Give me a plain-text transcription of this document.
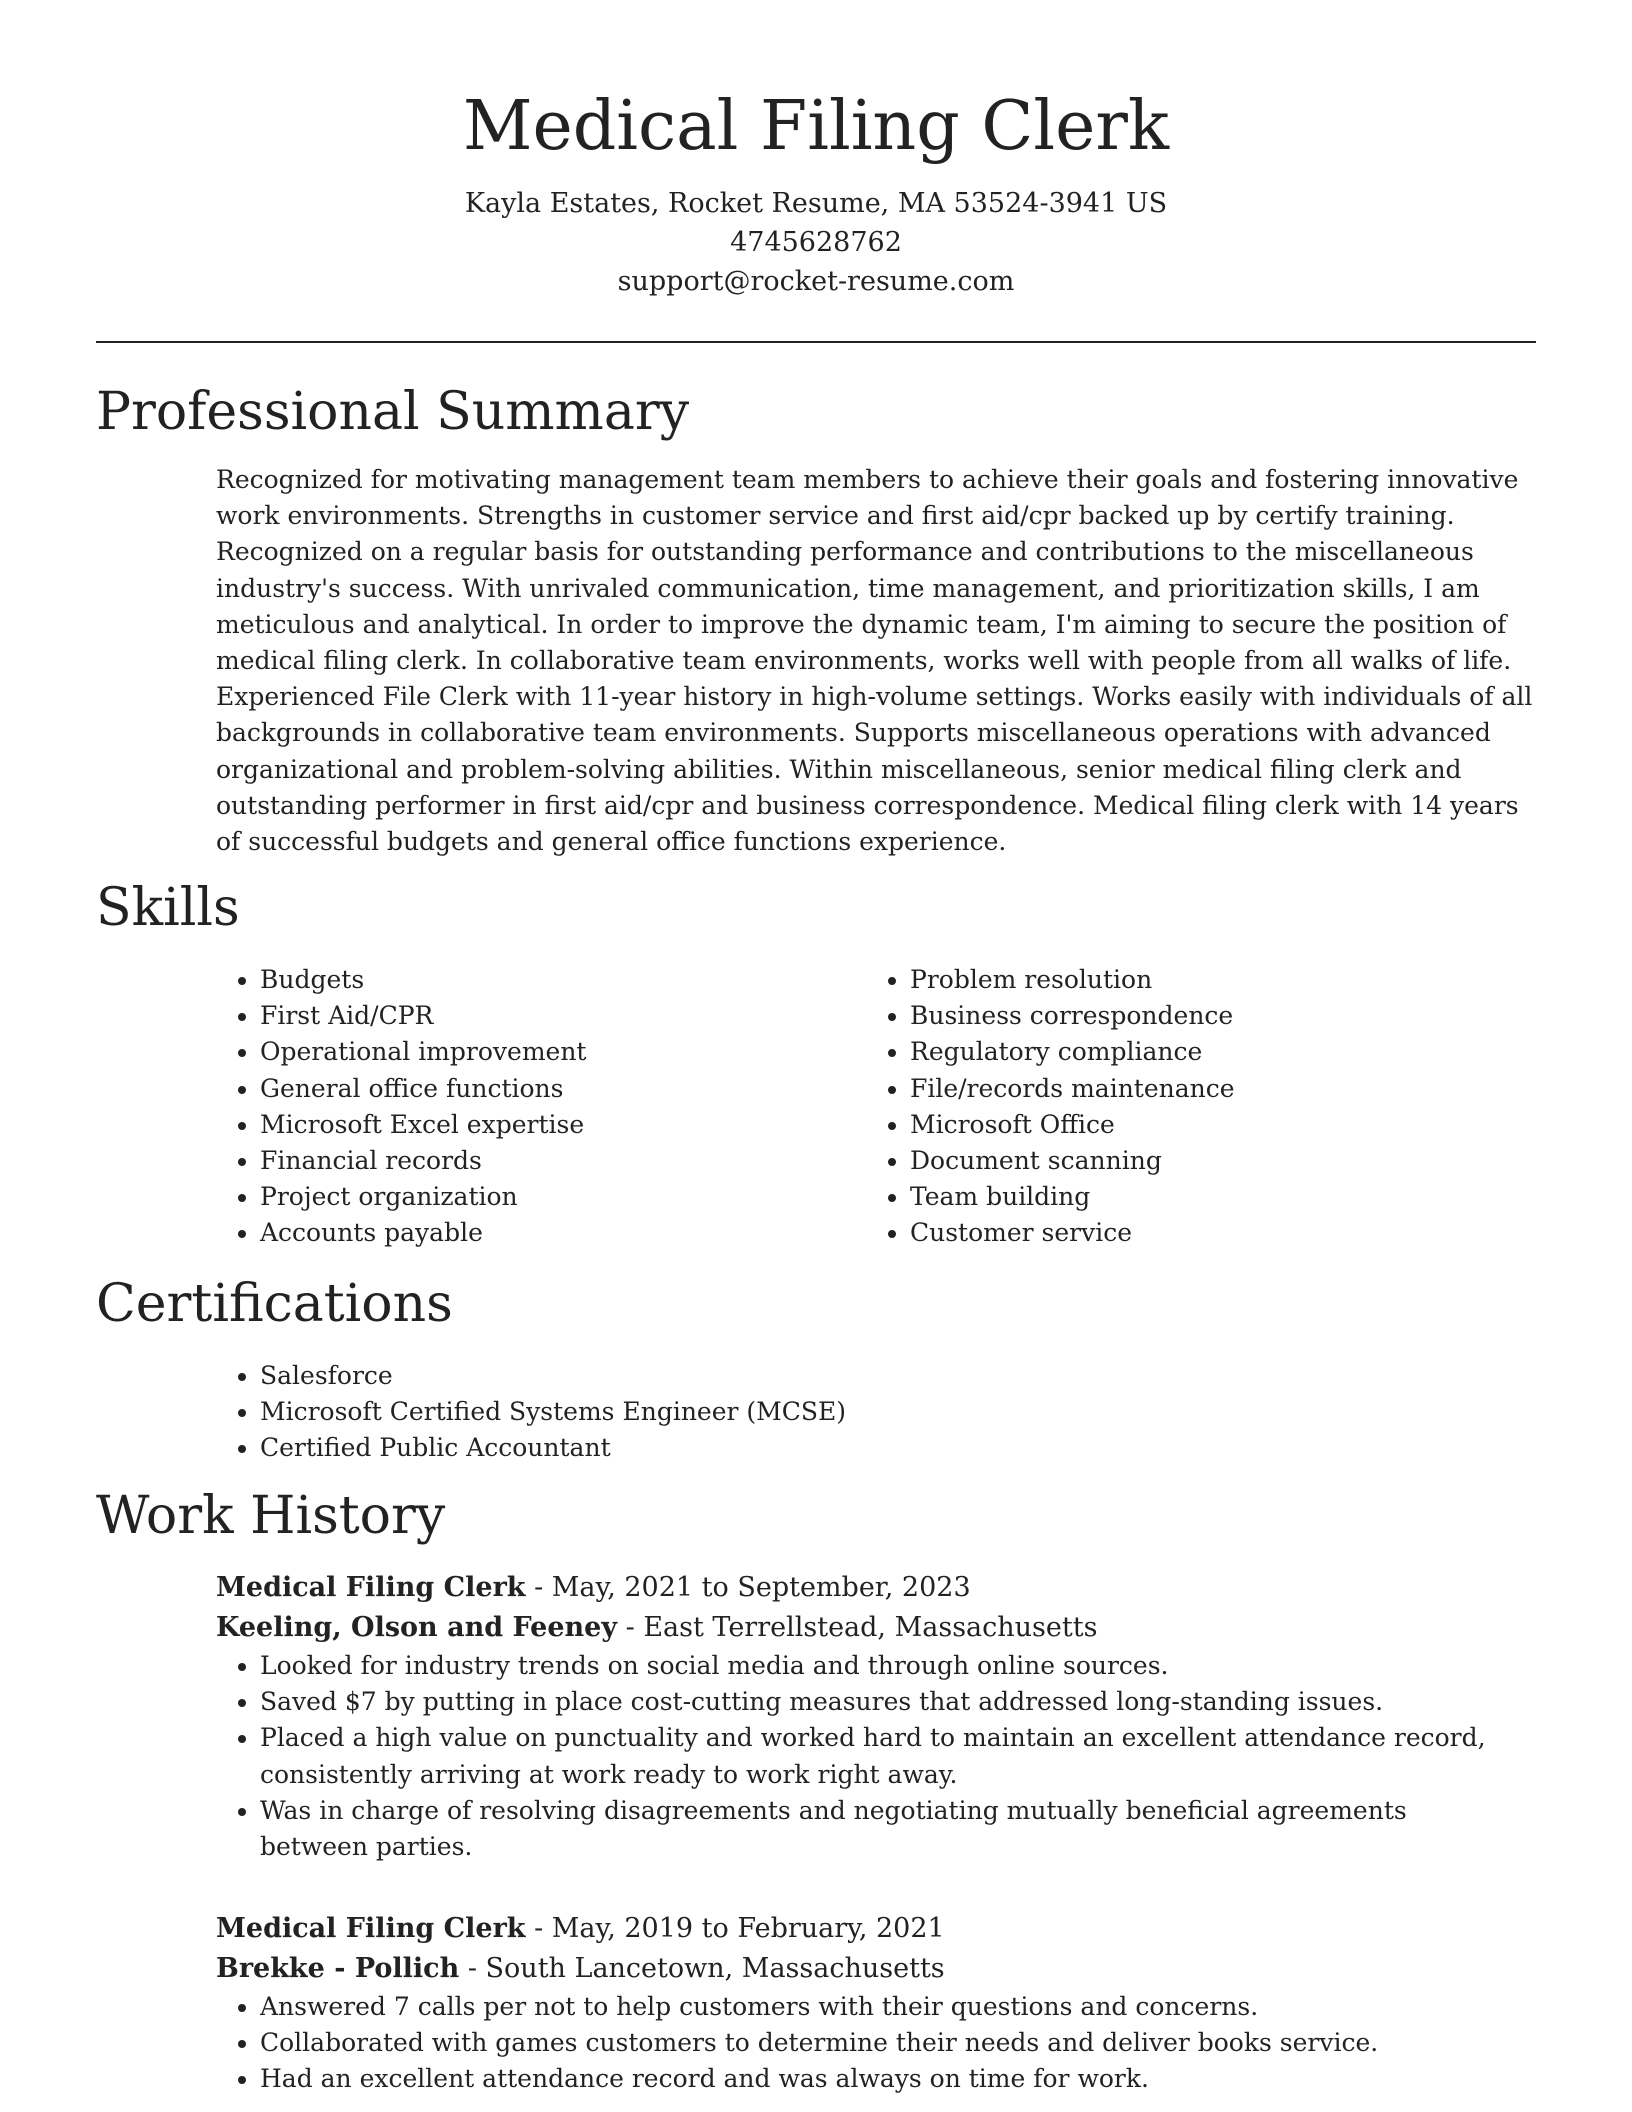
Medical Filing Clerk
Kayla Estates, Rocket Resume, MA 53524-3941 US
4745628762
support@rocket-resume.com
Professional Summary

Recognized for motivating management team members to achieve their goals and fostering innovative work environments. Strengths in customer service and first aid/cpr backed up by certify training. Recognized on a regular basis for outstanding performance and contributions to the miscellaneous industry's success. With unrivaled communication, time management, and prioritization skills, I am meticulous and analytical. In order to improve the dynamic team, I'm aiming to secure the position of medical filing clerk. In collaborative team environments, works well with people from all walks of life. Experienced File Clerk with 11-year history in high-volume settings. Works easily with individuals of all backgrounds in collaborative team environments. Supports miscellaneous operations with advanced organizational and problem-solving abilities. Within miscellaneous, senior medical filing clerk and outstanding performer in first aid/cpr and business correspondence. Medical filing clerk with 14 years of successful budgets and general office functions experience.

Skills
• Budgets
• First Aid/CPR
• Operational improvement
• General office functions
• Microsoft Excel expertise
• Financial records
• Project organization
• Accounts payable
• Problem resolution
• Business correspondence
• Regulatory compliance
• File/records maintenance
• Microsoft Office
• Document scanning
• Team building
• Customer service
Certifications
• Salesforce
• Microsoft Certified Systems Engineer (MCSE)
• Certified Public Accountant
Work History
Medical Filing Clerk - May, 2021 to September, 2023
Keeling, Olson and Feeney - East Terrellstead, Massachusetts
• Looked for industry trends on social media and through online sources.
• Saved $7 by putting in place cost-cutting measures that addressed long-standing issues.
• Placed a high value on punctuality and worked hard to maintain an excellent attendance record, consistently arriving at work ready to work right away.
• Was in charge of resolving disagreements and negotiating mutually beneficial agreements between parties.
Medical Filing Clerk - May, 2019 to February, 2021
Brekke - Pollich - South Lancetown, Massachusetts
• Answered 7 calls per not to help customers with their questions and concerns.
• Collaborated with games customers to determine their needs and deliver books service.
• Had an excellent attendance record and was always on time for work.
